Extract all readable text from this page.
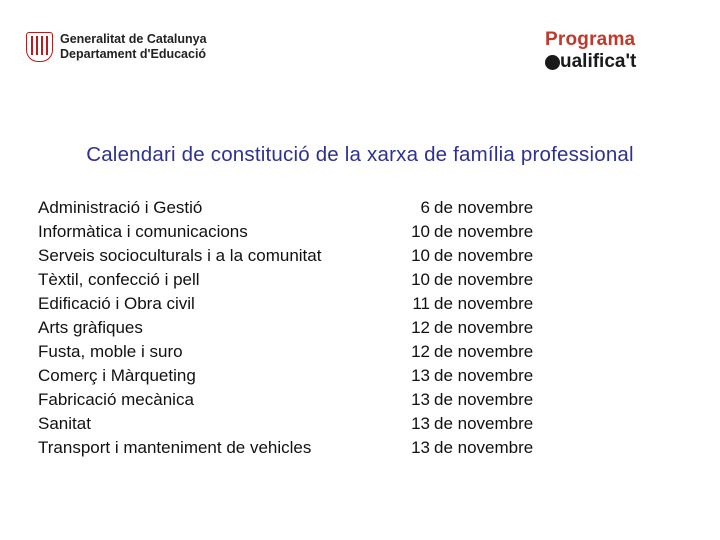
Generalitat de Catalunya
Departament d'Educació
Programa
ualifica't
Calendari de constitució de la xarxa de família professional
Administració i Gestió	6 de novembre
Informàtica i comunicacions	10 de novembre
Serveis socioculturals i a la comunitat	10 de novembre
Tèxtil, confecció i pell	10 de novembre
Edificació i Obra civil	11 de novembre
Arts gràfiques	12 de novembre
Fusta, moble i suro	12 de novembre
Comerç i Màrqueting	13 de novembre
Fabricació mecànica	13 de novembre
Sanitat	13 de novembre
Transport i manteniment de vehicles	13 de novembre
